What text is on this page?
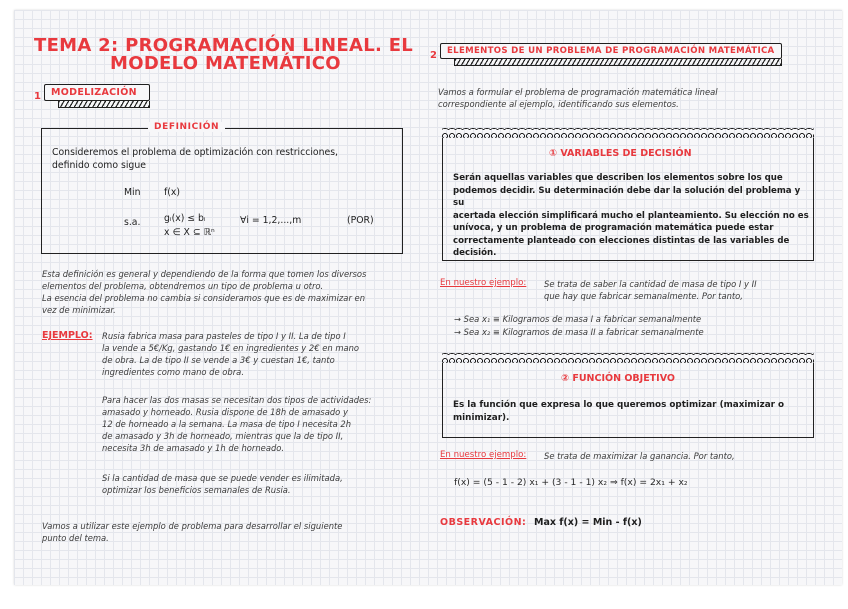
TEMA 2: PROGRAMACIÓN LINEAL. EL
MODELO MATEMÁTICO
1	MODELIZACIÓN
DEFINICIÓN
Consideremos el problema de optimización con restricciones,
definido como sigue
Min	f(x)
s.a.	gᵢ(x) ≤ bᵢ
x ∈ X ⊆ ℝⁿ
∀i = 1,2,...,m	(POR)
Esta definición es general y dependiendo de la forma que tomen los diversos
elementos del problema, obtendremos un tipo de problema u otro.
La esencia del problema no cambia si consideramos que es de maximizar en
vez de minimizar.
EJEMPLO: Rusia fabrica masa para pasteles de tipo I y II. La de tipo I
la vende a 5€/Kg, gastando 1€ en ingredientes y 2€ en mano
de obra. La de tipo II se vende a 3€ y cuestan 1€, tanto
ingredientes como mano de obra.
Para hacer las dos masas se necesitan dos tipos de actividades:
amasado y horneado. Rusia dispone de 18h de amasado y
12 de horneado a la semana. La masa de tipo I necesita 2h
de amasado y 3h de horneado, mientras que la de tipo II,
necesita 3h de amasado y 1h de horneado.
Si la cantidad de masa que se puede vender es ilimitada,
optimizar los beneficios semanales de Rusia.
Vamos a utilizar este ejemplo de problema para desarrollar el siguiente
punto del tema.
2	ELEMENTOS DE UN PROBLEMA DE PROGRAMACIÓN MATEMÁTICA
Vamos a formular el problema de programación matemática lineal
correspondiente al ejemplo, identificando sus elementos.
① VARIABLES DE DECISIÓN
Serán aquellas variables que describen los elementos sobre los que
podemos decidir. Su determinación debe dar la solución del problema y su
acertada elección simplificará mucho el planteamiento. Su elección no es
unívoca, y un problema de programación matemática puede estar
correctamente planteado con elecciones distintas de las variables de
decisión.
En nuestro ejemplo: Se trata de saber la cantidad de masa de tipo I y II
que hay que fabricar semanalmente. Por tanto,
→ Sea x₁ ≡ Kilogramos de masa I a fabricar semanalmente
→ Sea x₂ ≡ Kilogramos de masa II a fabricar semanalmente
② FUNCIÓN OBJETIVO
Es la función que expresa lo que queremos optimizar (maximizar o
minimizar).
En nuestro ejemplo: Se trata de maximizar la ganancia. Por tanto,
f(x) = (5 - 1 - 2) x₁ + (3 - 1 - 1) x₂ ⇒ f(x) = 2x₁ + x₂
OBSERVACIÓN: Max f(x) = Min - f(x)
